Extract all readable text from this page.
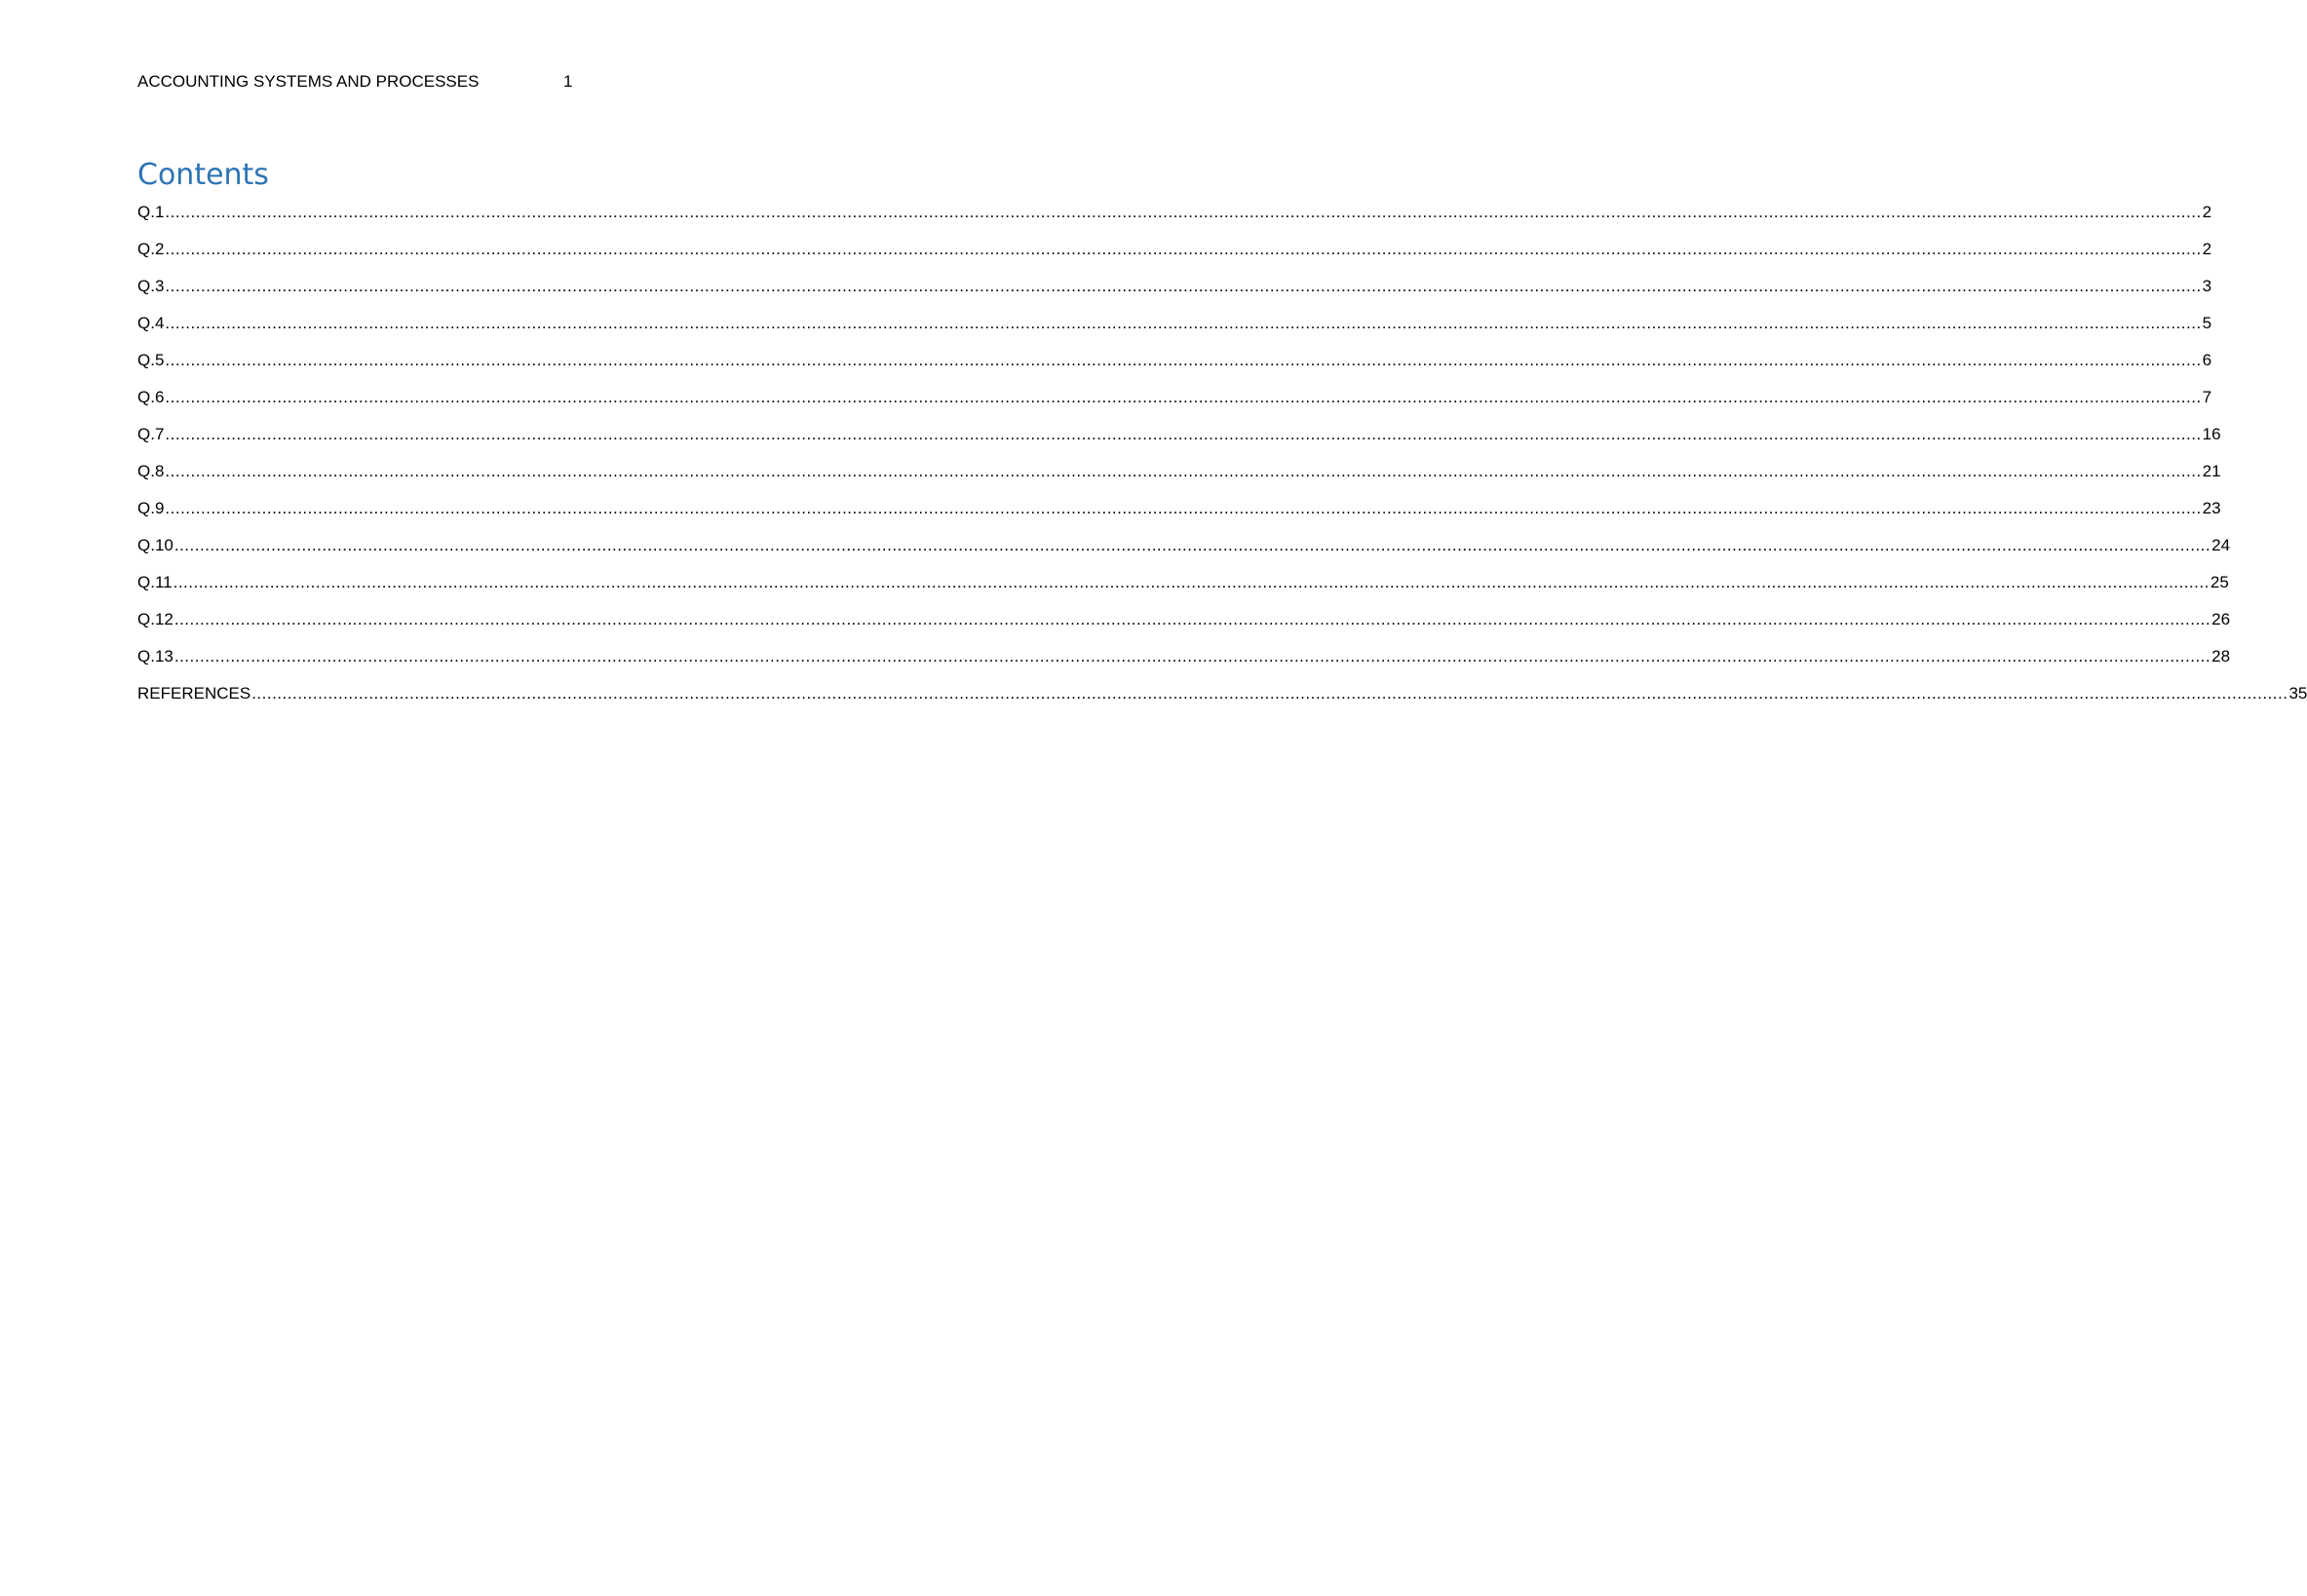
ACCOUNTING SYSTEMS AND PROCESSES	1
Contents
Q.1 ................................................................................................................................................................................................................................................................................................................................................................................................................ 2
Q.2 ................................................................................................................................................................................................................................................................................................................................................................................................................ 2
Q.3 ................................................................................................................................................................................................................................................................................................................................................................................................................ 3
Q.4 ................................................................................................................................................................................................................................................................................................................................................................................................................ 5
Q.5 ................................................................................................................................................................................................................................................................................................................................................................................................................ 6
Q.6 ................................................................................................................................................................................................................................................................................................................................................................................................................ 7
Q.7 ................................................................................................................................................................................................................................................................................................................................................................................................................ 16
Q.8 ................................................................................................................................................................................................................................................................................................................................................................................................................ 21
Q.9 ................................................................................................................................................................................................................................................................................................................................................................................................................ 23
Q.10 ................................................................................................................................................................................................................................................................................................................................................................................................................ 24
Q.11 ................................................................................................................................................................................................................................................................................................................................................................................................................ 25
Q.12 ................................................................................................................................................................................................................................................................................................................................................................................................................ 26
Q.13 ................................................................................................................................................................................................................................................................................................................................................................................................................ 28
REFERENCES ................................................................................................................................................................................................................................................................................................................................................................................................................ 35
